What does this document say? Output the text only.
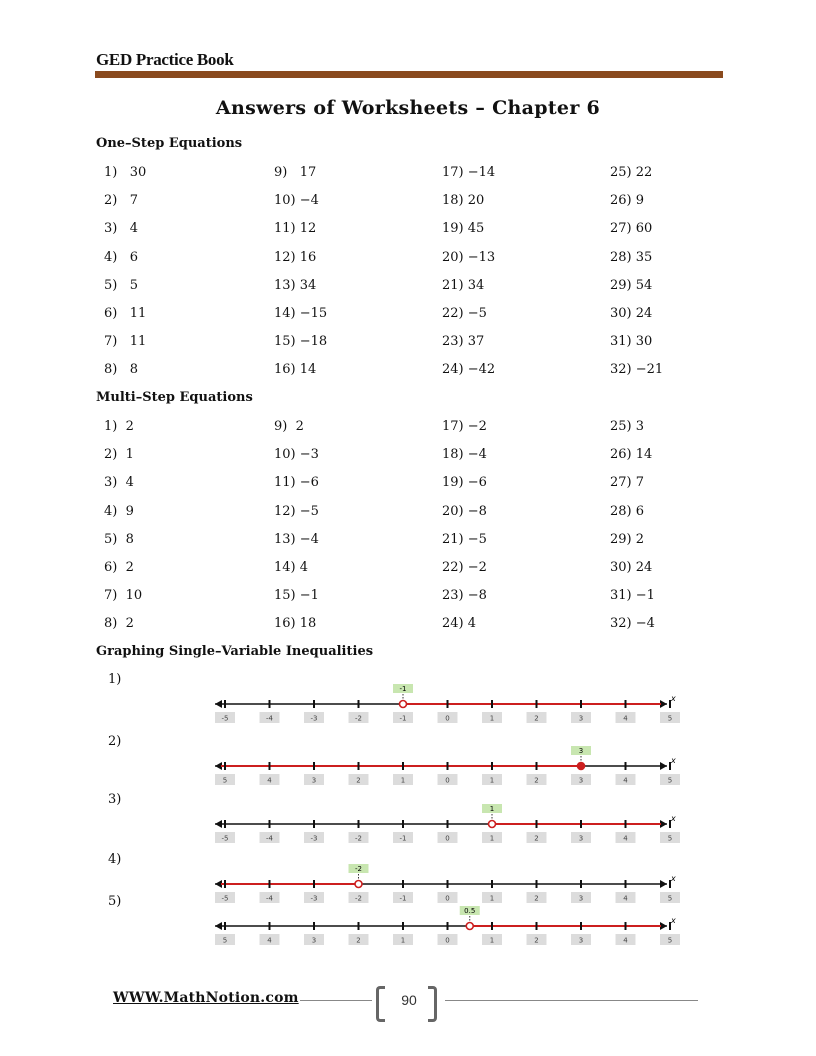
GED Practice Book
Answers of Worksheets – Chapter 6
One–Step Equations
1)   30	9)   17	17) −14	25) 22
2)   7	10) −4	18) 20	26) 9
3)   4	11) 12	19) 45	27) 60
4)   6	12) 16	20) −13	28) 35
5)   5	13) 34	21) 34	29) 54
6)   11	14) −15	22) −5	30) 24
7)   11	15) −18	23) 37	31) 30
8)   8	16) 14	24) −42	32) −21
Multi–Step Equations
1)  2	9)  2	17) −2	25) 3
2)  1	10) −3	18) −4	26) 14
3)  4	11) −6	19) −6	27) 7
4)  9	12) −5	20) −8	28) 6
5)  8	13) −4	21) −5	29) 2
6)  2	14) 4	22) −2	30) 24
7)  10	15) −1	23) −8	31) −1
8)  2	16) 18	24) 4	32) −4
Graphing Single–Variable Inequalities
1)
x
-5	-4	-3	-2	-1	0	1	2	3	4	5
-1
2)
x
5	4	3	2	1	0	1	2	3	4	5
3
3)
x
-5	-4	-3	-2	-1	0	1	2	3	4	5
1
4)
x
-5	-4	-3	-2	-1	0	1	2	3	4	5
-2
5)
x
5	4	3	2	1	0	1	2	3	4	5
0.5
WWW.MathNotion.com	90
